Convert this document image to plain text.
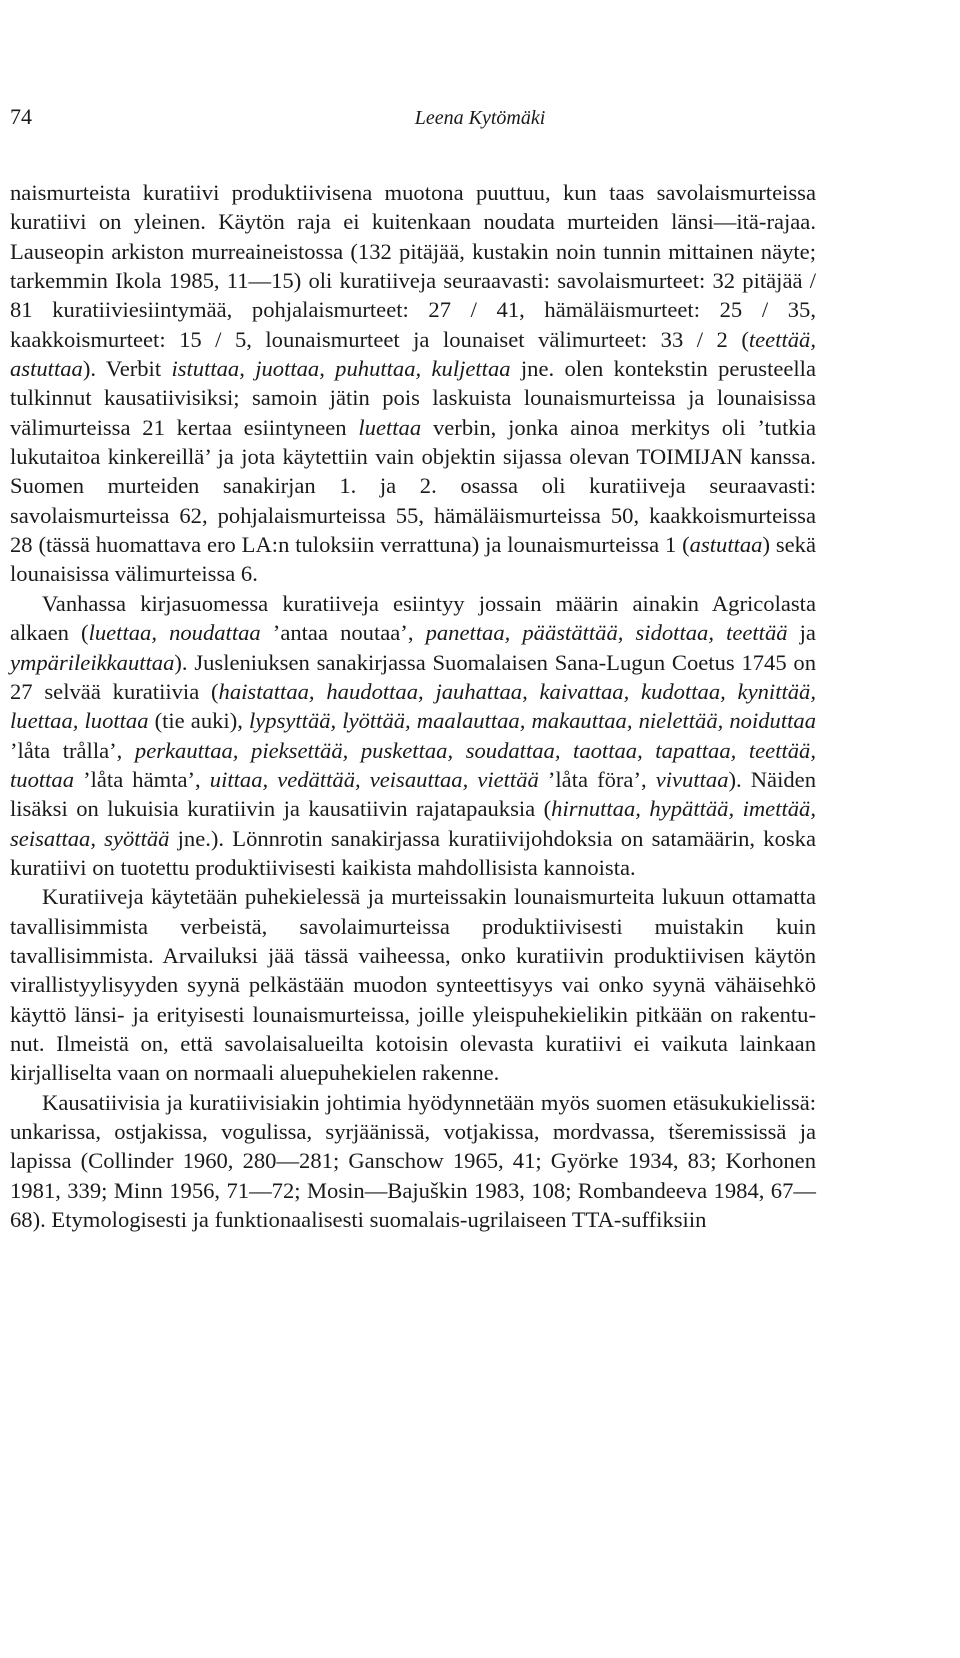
74	Leena Kytömäki

naismurteista kuratiivi produktiivisena muotona puuttuu, kun taas savolaismurteissa kuratiivi on yleinen. Käytön raja ei kuitenkaan noudata murteiden länsi—itä-rajaa. Lauseopin arkiston murreaineistossa (132 pitäjää, kustakin noin tunnin mittainen näyte; tarkemmin Ikola 1985, 11—15) oli kuratiiveja seuraavasti: savolaismurteet: 32 pitäjää / 81 kuratiiviesiintymää, pohjalaismurteet: 27 / 41, hämäläismurteet: 25 / 35, kaakkoismurteet: 15 / 5, lounaismurteet ja lounaiset välimurteet: 33 / 2 (teettää, astuttaa). Verbit istuttaa, juottaa, puhuttaa, kuljettaa jne. olen kontekstin perusteella tulkinnut kausatiivisiksi; samoin jätin pois laskuista lounaismurteissa ja lounaisissa välimurteissa 21 kertaa esiintyneen luettaa verbin, jonka ainoa merkitys oli ’tutkia lukutaitoa kinkereillä’ ja jota käytettiin vain objektin sijassa olevan TOIMIJAN kanssa. Suomen murteiden sanakirjan 1. ja 2. osassa oli kuratiiveja seuraavasti: savolaismurteissa 62, pohjalaismurteissa 55, hämäläismurteissa 50, kaakkoismurteissa 28 (tässä huomattava ero LA:n tuloksiin verrattuna) ja lounaismurteissa 1 (astuttaa) sekä lounaisissa välimurteissa 6.

Vanhassa kirjasuomessa kuratiiveja esiintyy jossain määrin ainakin Agricolasta alkaen (luettaa, noudattaa ’antaa noutaa’, panettaa, päästättää, sidottaa, teettää ja ympärileikkauttaa). Jusleniuksen sanakirjassa Suomalaisen Sana-Lugun Coetus 1745 on 27 selvää kuratiivia (haistattaa, haudottaa, jauhattaa, kaivattaa, kudottaa, kynittää, luettaa, luottaa (tie auki), lypsyttää, lyöttää, maalauttaa, makauttaa, nielettää, noiduttaa ’låta trålla’, perkauttaa, pieksettää, puskettaa, soudattaa, taottaa, tapattaa, teettää, tuottaa ’låta hämta’, uittaa, vedättää, veisauttaa, viettää ’låta föra’, vivuttaa). Näiden lisäksi on lukuisia kuratiivin ja kausatiivin rajatapauksia (hirnuttaa, hypättää, imettää, seisattaa, syöttää jne.). Lönnrotin sanakirjassa kuratiivijohdoksia on satamäärin, koska kuratiivi on tuotettu produktiivisesti kaikista mahdollisista kannoista.

Kuratiiveja käytetään puhekielessä ja murteissakin lounaismurteita lukuun ottamatta tavallisimmista verbeistä, savolaimurteissa produktiivisesti muistakin kuin tavallisimmista. Arvailuksi jää tässä vaiheessa, onko kuratiivin produktiivisen käytön virallistyylisyyden syynä pelkästään muodon synteettisyys vai onko syynä vähäisehkö käyttö länsi- ja erityisesti lounaismurteissa, joille yleispuhekielikin pitkään on rakentunut. Ilmeistä on, että savolaisalueilta kotoisin olevasta kuratiivi ei vaikuta lainkaan kirjalliselta vaan on normaali aluepuhekielen rakenne.

Kausatiivisia ja kuratiivisiakin johtimia hyödynnetään myös suomen etäsukukielissä: unkarissa, ostjakissa, vogulissa, syrjäänissä, votjakissa, mordvassa, tšeremississä ja lapissa (Collinder 1960, 280—281; Ganschow 1965, 41; Györke 1934, 83; Korhonen 1981, 339; Minn 1956, 71—72; Mosin—Bajuškin 1983, 108; Rombandeeva 1984, 67—68). Etymologisesti ja funktionaalisesti suomalais-ugrilaiseen TTA-suffiksiin
